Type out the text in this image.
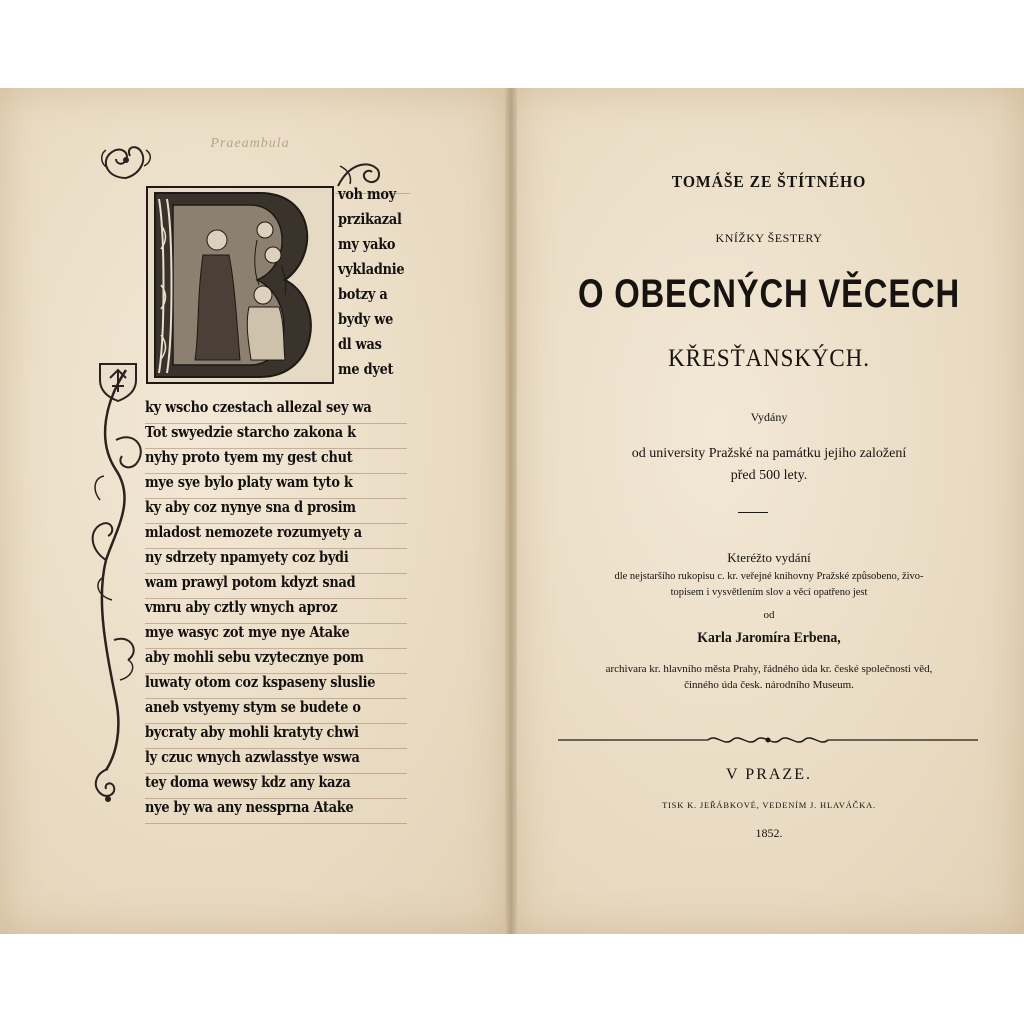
Praeambula
voh moy
przikazal
my yako
vykladnie
botzy a
bydy we
dl was
me dyet
ky wscho czestach allezal sey wa
Tot swyedzie starcho zakona k
nyhy proto tyem my gest chut
mye sye bylo platy wam tyto k
ky aby coz nynye sna d prosim
mladost nemozete rozumyety a
ny sdrzety npamyety coz bydi
wam prawyl potom kdyzt snad
vmru aby cztly wnych aproz
mye wasyc zot mye nye Atake
aby mohli sebu vzytecznye pom
luwaty otom coz kspaseny sluslie
aneb vstyemy stym se budete o
bycraty aby mohli kratyty chwi
ly czuc wnych azwlasstye wswa
tey doma wewsy kdz any kaza
nye by wa any nessprna Atake
TOMÁŠE ZE ŠTÍTNÉHO
KNÍŽKY ŠESTERY
O OBECNÝCH VĚCECH
KŘESŤANSKÝCH.
Vydány
od university Pražské na památku jejiho založení
před 500 lety.
Kteréžto vydání
dle nejstaršího rukopisu c. kr. veřejné knihovny Pražské způsobeno, živo-
topisem i vysvětlením slov a věcí opatřeno jest
od
Karla Jaromíra Erbena,
archivara kr. hlavního města Prahy, řádného úda kr. české společnosti věd,
činného úda česk. národního Museum.
V PRAZE.
TISK K. JEŘÁBKOVÉ, VEDENÍM J. HLAVÁČKA.
1852.
